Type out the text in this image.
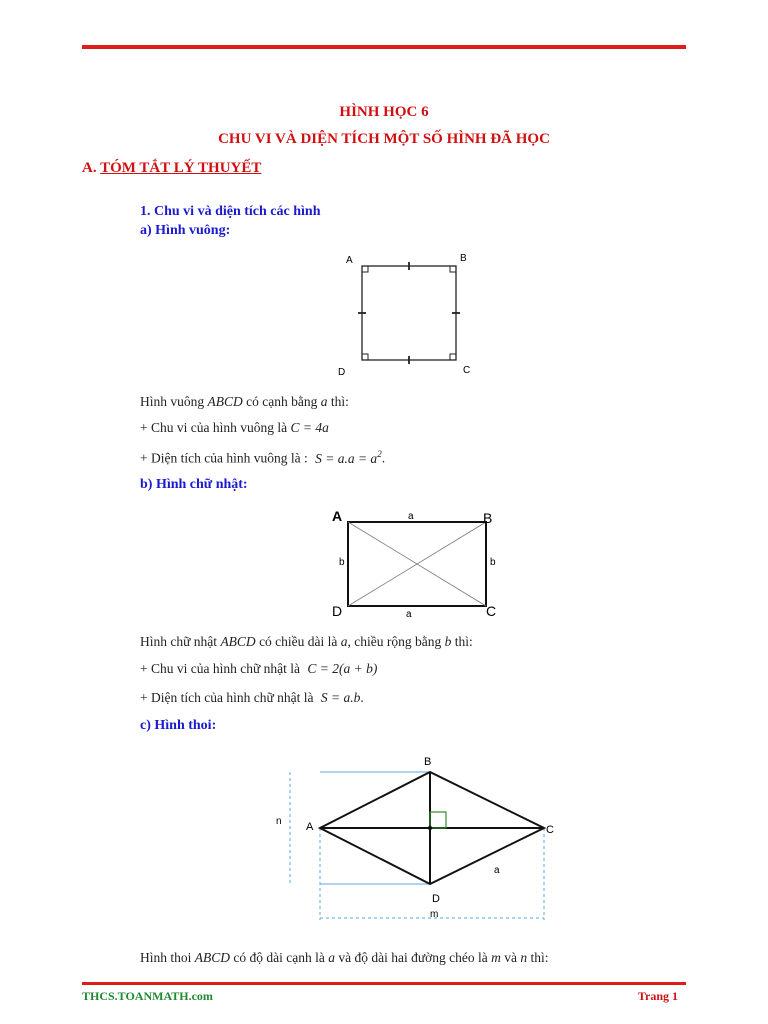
HÌNH HỌC 6
CHU VI VÀ DIỆN TÍCH MỘT SỐ HÌNH ĐÃ HỌC
A. TÓM TẮT LÝ THUYẾT
1. Chu vi và diện tích các hình
a) Hình vuông:
A	B
C
D
Hình vuông ABCD có cạnh bằng a thì:
+ Chu vi của hình vuông là C = 4a
+ Diện tích của hình vuông là : $S = a.a = a^2$.
b) Hình chữ nhật:
A	B
C
D
a
a
b	b
Hình chữ nhật ABCD có chiều dài là a, chiều rộng bằng b thì:
+ Chu vi của hình chữ nhật là C = 2(a + b)
+ Diện tích của hình chữ nhật là S = a.b.
c) Hình thoi:
B
A	C
D
n
m
a
Hình thoi ABCD có độ dài cạnh là a và độ dài hai đường chéo là m và n thì:
THCS.TOANMATH.com	Trang 1
